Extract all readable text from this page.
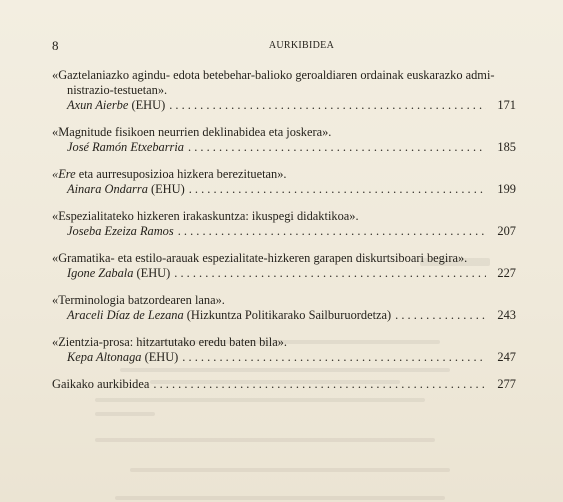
8	AURKIBIDEA
«Gaztelaniazko agindu- edota betebehar-balioko geroaldiaren ordainak euskarazko admi-
nistrazio-testuetan».
Axun Aierbe (EHU) . . .	171
«Magnitude fisikoen neurrien deklinabidea eta joskera».
José Ramón Etxebarria . . .	185
«Ere eta aurresuposizioa hizkera berezituetan».
Ainara Ondarra (EHU) . . .	199
«Espezialitateko hizkeren irakaskuntza: ikuspegi didaktikoa».
Joseba Ezeiza Ramos . . .	207
«Gramatika- eta estilo-arauak espezialitate-hizkeren garapen diskurtsiboari begira».
Igone Zabala (EHU) . . .	227
«Terminologia batzordearen lana».
Araceli Díaz de Lezana (Hizkuntza Politikarako Sailburuordetza) . . .	243
«Zientzia-prosa: hitzartutako eredu baten bila».
Kepa Altonaga (EHU) . . .	247
Gaikako aurkibidea . . .	277
